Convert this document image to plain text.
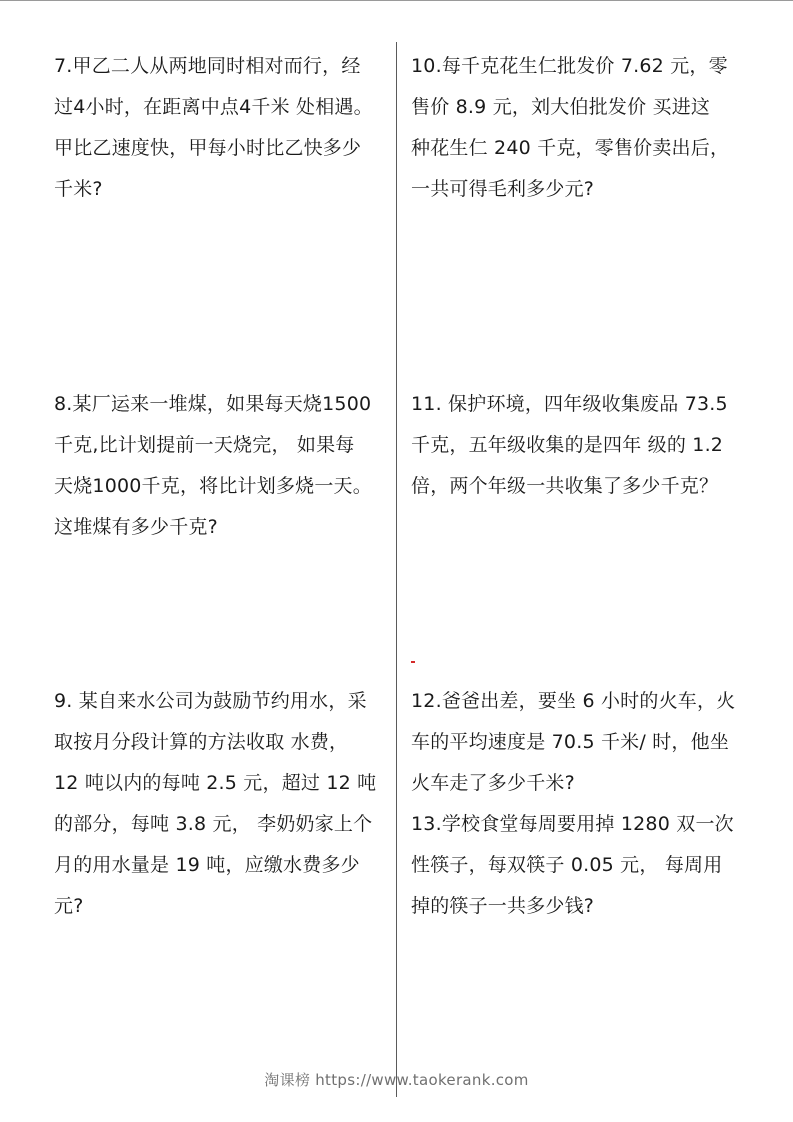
7.甲乙二人从两地同时相对而行，经
过4小时，在距离中点4千米 处相遇。
甲比乙速度快，甲每小时比乙快多少
千米?
8.某厂运来一堆煤，如果每天烧1500
千克,比计划提前一天烧完， 如果每
天烧1000千克，将比计划多烧一天。
这堆煤有多少千克?
9. 某自来水公司为鼓励节约用水，采
取按月分段计算的方法收取 水费，
12 吨以内的每吨 2.5 元，超过 12 吨
的部分，每吨 3.8 元， 李奶奶家上个
月的用水量是 19 吨，应缴水费多少
元?
10.每千克花生仁批发价 7.62 元，零
售价 8.9 元，刘大伯批发价 买进这
种花生仁 240 千克，零售价卖出后，
一共可得毛利多少元?
11. 保护环境，四年级收集废品 73.5
千克，五年级收集的是四年 级的 1.2
倍，两个年级一共收集了多少千克？
12.爸爸出差，要坐 6 小时的火车，火
车的平均速度是 70.5 千米/ 时，他坐
火车走了多少千米?
13.学校食堂每周要用掉 1280 双一次
性筷子，每双筷子 0.05 元， 每周用
掉的筷子一共多少钱?
淘课榜 https://www.taokerank.com
